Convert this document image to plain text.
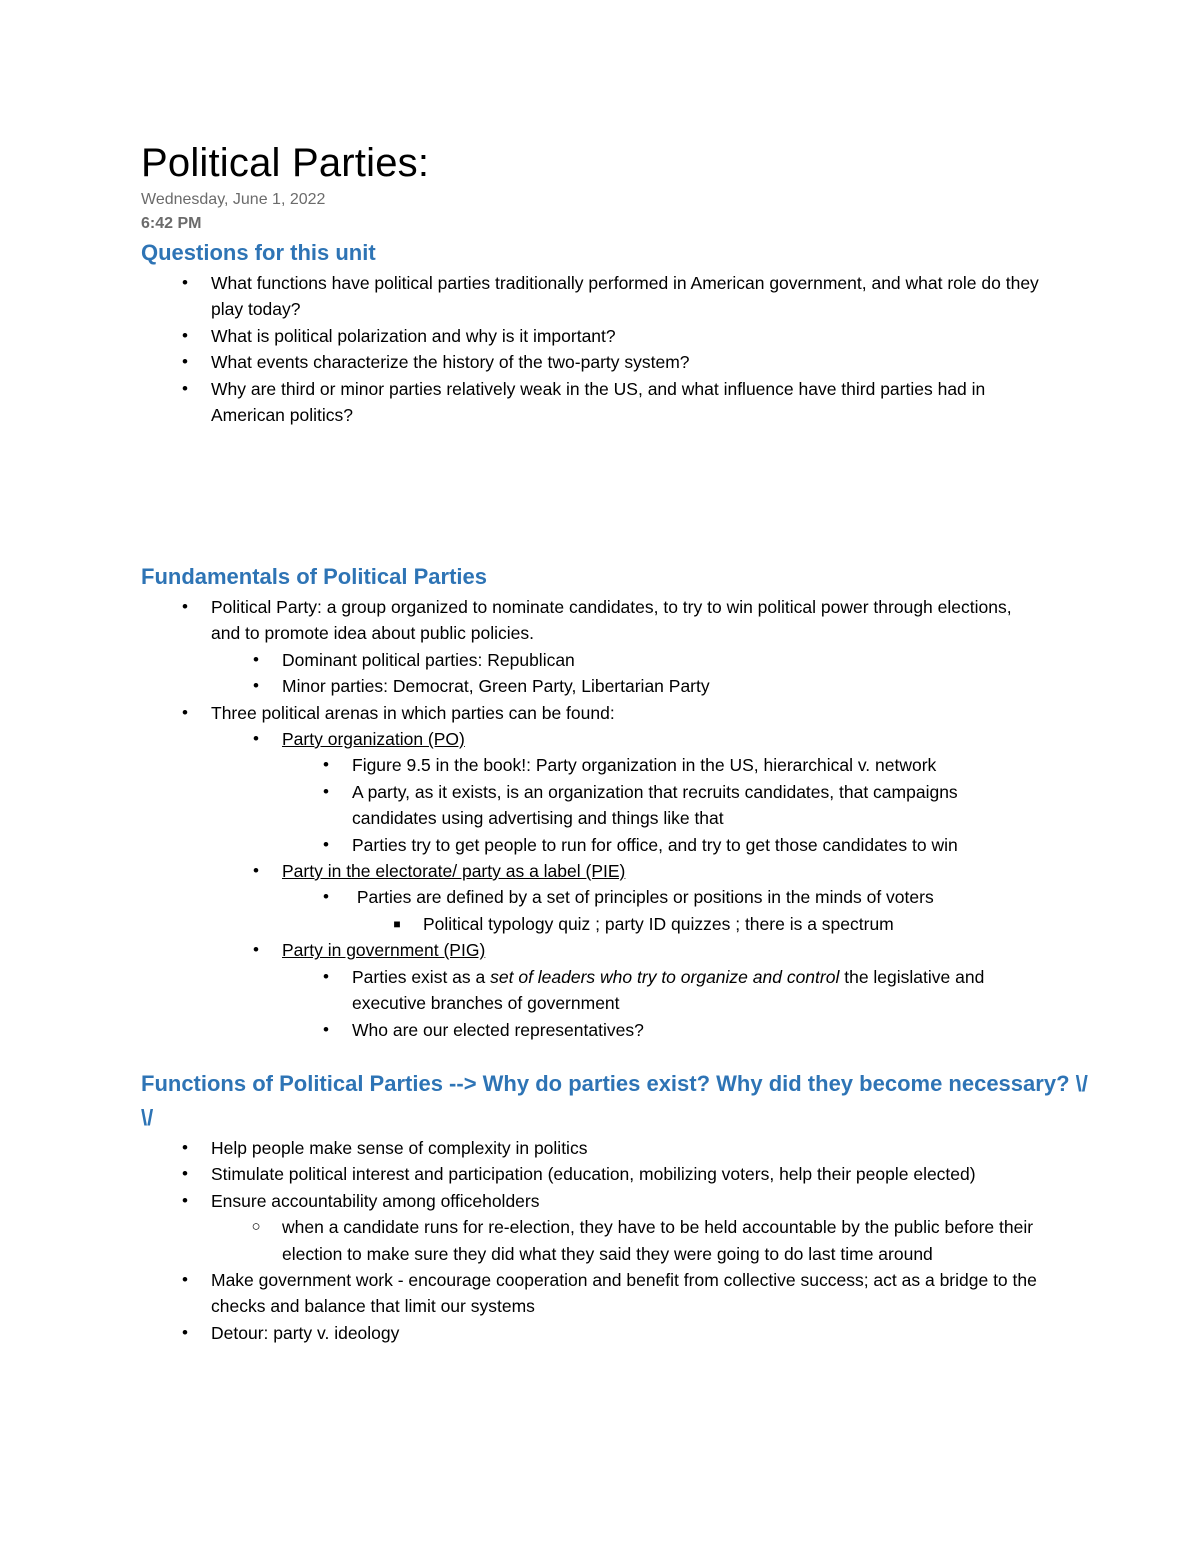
Political Parties:

Wednesday, June 1, 2022

6:42 PM

Questions for this unit
•	What functions have political parties traditionally performed in American government, and what role do they play today?
•	What is political polarization and why is it important?
•	What events characterize the history of the two-party system?
•	Why are third or minor parties relatively weak in the US, and what influence have third parties had in American politics?
Fundamentals of Political Parties
•	Political Party: a group organized to nominate candidates, to try to win political power through elections, and to promote idea about public policies.
•	Dominant political parties: Republican
•	Minor parties: Democrat, Green Party, Libertarian Party
•	Three political arenas in which parties can be found:
•	Party organization (PO)
•	Figure 9.5 in the book!: Party organization in the US, hierarchical v. network
•	A party, as it exists, is an organization that recruits candidates, that campaigns candidates using advertising and things like that
•	Parties try to get people to run for office, and try to get those candidates to win
•	Party in the electorate/ party as a label (PIE)
•	Parties are defined by a set of principles or positions in the minds of voters
■	Political typology quiz ; party ID quizzes ; there is a spectrum
•	Party in government (PIG)
•	Parties exist as a set of leaders who try to organize and control the legislative and executive branches of government
•	Who are our elected representatives?
Functions of Political Parties --> Why do parties exist? Why did they become necessary? \/ \/
•	Help people make sense of complexity in politics
•	Stimulate political interest and participation (education, mobilizing voters, help their people elected)
•	Ensure accountability among officeholders
○	when a candidate runs for re-election, they have to be held accountable by the public before their election to make sure they did what they said they were going to do last time around
•	Make government work - encourage cooperation and benefit from collective success; act as a bridge to the checks and balance that limit our systems
•	Detour: party v. ideology
